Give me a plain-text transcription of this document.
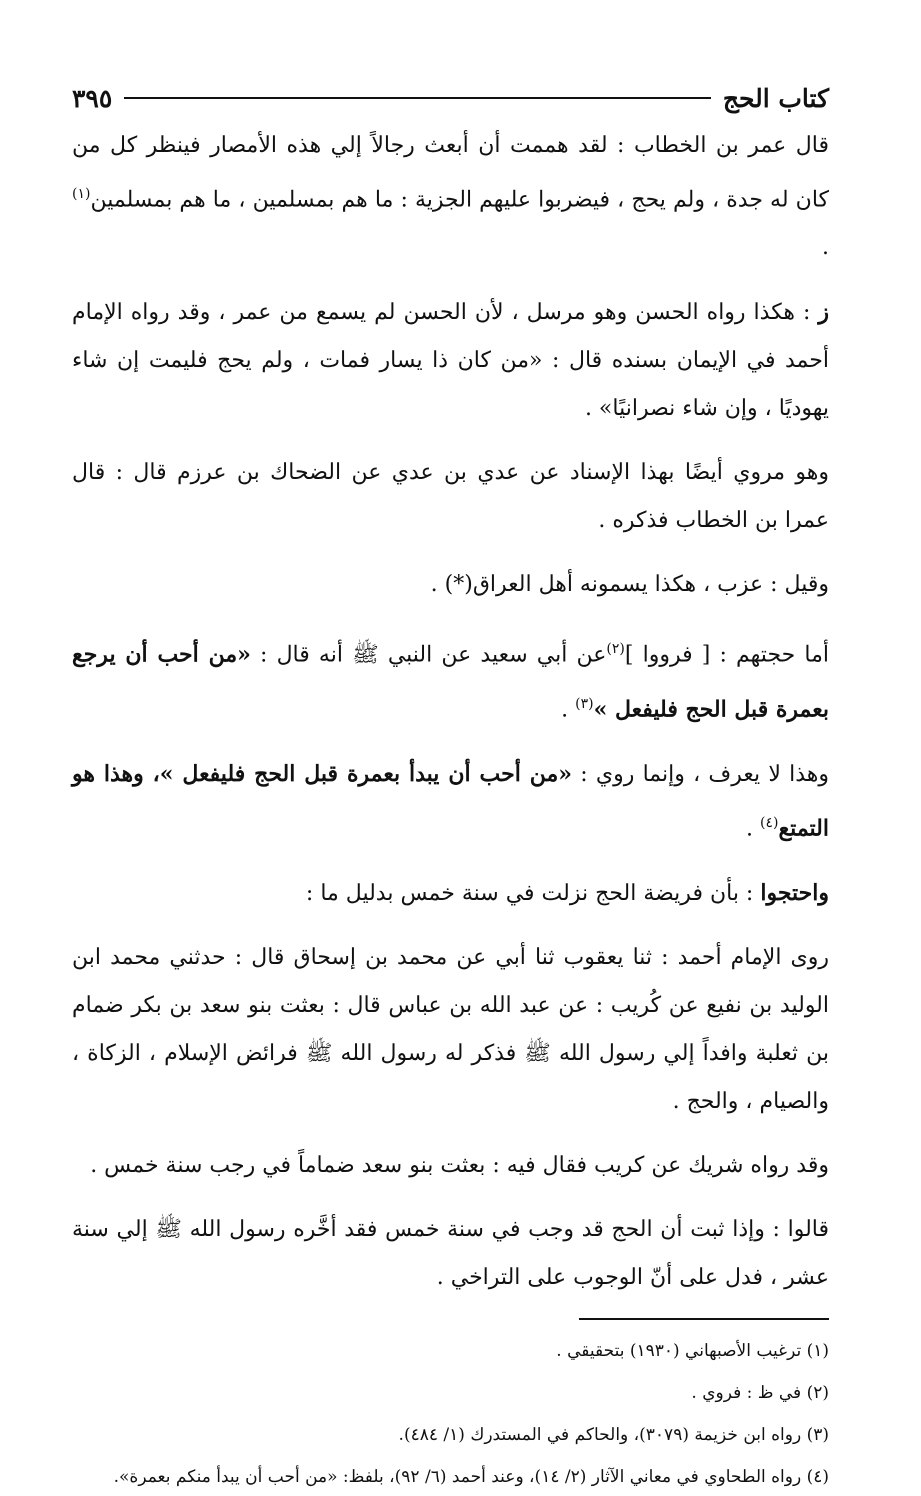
كتاب الحج
٣٩٥

قال عمر بن الخطاب : لقد هممت أن أبعث رجالاً إلي هذه الأمصار فينظر كل من كان له جدة ، ولم يحج ، فيضربوا عليهم الجزية : ما هم بمسلمين ، ما هم بمسلمين$^{(١)}$ .

ز : هكذا رواه الحسن وهو مرسل ، لأن الحسن لم يسمع من عمر ، وقد رواه الإمام أحمد في الإيمان بسنده قال : «من كان ذا يسار فمات ، ولم يحج فليمت إن شاء يهوديًا ، وإن شاء نصرانيًا» .

وهو مروي أيضًا بهذا الإسناد عن عدي بن عدي عن الضحاك بن عرزم قال : قال عمرا بن الخطاب فذكره .

وقيل : عزب ، هكذا يسمونه أهل العراق(*) .

أما حجتهم : [ فرووا ]$^{(٢)}$عن أبي سعيد عن النبي ﷺ أنه قال : «من أحب أن يرجع بعمرة قبل الحج فليفعل »$^{(٣)}$ .

وهذا لا يعرف ، وإنما روي : «من أحب أن يبدأ بعمرة قبل الحج فليفعل »، وهذا هو التمتع$^{(٤)}$ .

واحتجوا : بأن فريضة الحج نزلت في سنة خمس بدليل ما :

روى الإمام أحمد : ثنا يعقوب ثنا أبي عن محمد بن إسحاق قال : حدثني محمد ابن الوليد بن نفيع عن كُريب : عن عبد الله بن عباس قال : بعثت بنو سعد بن بكر ضمام بن ثعلبة وافداً إلي رسول الله ﷺ فذكر له رسول الله ﷺ فرائض الإسلام ، الزكاة ، والصيام ، والحج .

وقد رواه شريك عن كريب فقال فيه : بعثت بنو سعد ضماماً في رجب سنة خمس .

قالوا : وإذا ثبت أن الحج قد وجب في سنة خمس فقد أخَّره رسول الله ﷺ إلي سنة عشر ، فدل على أنّ الوجوب على التراخي .

(١) ترغيب الأصبهاني (١٩٣٠) بتحقيقي .

(٢) في ظ : فروي .

(٣) رواه ابن خزيمة (٣٠٧٩)، والحاكم في المستدرك (١/ ٤٨٤).

(٤) رواه الطحاوي في معاني الآثار (٢/ ١٤)، وعند أحمد (٦/ ٩٢)، بلفظ: «من أحب أن يبدأ منكم بعمرة».
